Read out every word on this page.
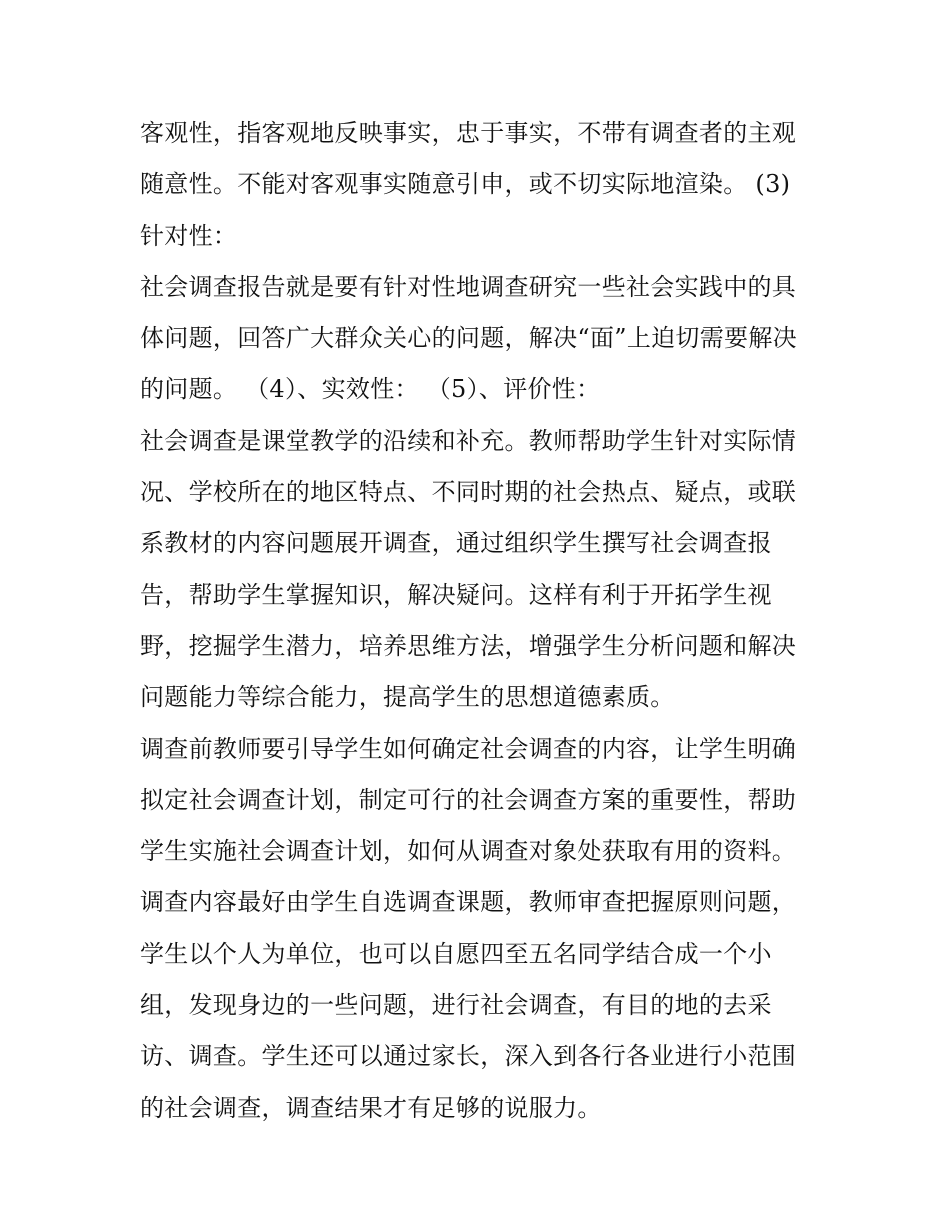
客观性，指客观地反映事实，忠于事实，不带有调查者的主观
随意性。不能对客观事实随意引申，或不切实际地渲染。 (3)
针对性：
社会调查报告就是要有针对性地调查研究一些社会实践中的具
体问题，回答广大群众关心的问题，解决“面”上迫切需要解决
的问题。 （4）、实效性： （5）、评价性：
社会调查是课堂教学的沿续和补充。教师帮助学生针对实际情
况、学校所在的地区特点、不同时期的社会热点、疑点，或联
系教材的内容问题展开调查，通过组织学生撰写社会调查报
告，帮助学生掌握知识，解决疑问。这样有利于开拓学生视
野，挖掘学生潜力，培养思维方法，增强学生分析问题和解决
问题能力等综合能力，提高学生的思想道德素质。
调查前教师要引导学生如何确定社会调查的内容，让学生明确
拟定社会调查计划，制定可行的社会调查方案的重要性，帮助
学生实施社会调查计划，如何从调查对象处获取有用的资料。
调查内容最好由学生自选调查课题，教师审查把握原则问题，
学生以个人为单位，也可以自愿四至五名同学结合成一个小
组，发现身边的一些问题，进行社会调查，有目的地的去采
访、调查。学生还可以通过家长，深入到各行各业进行小范围
的社会调查，调查结果才有足够的说服力。
